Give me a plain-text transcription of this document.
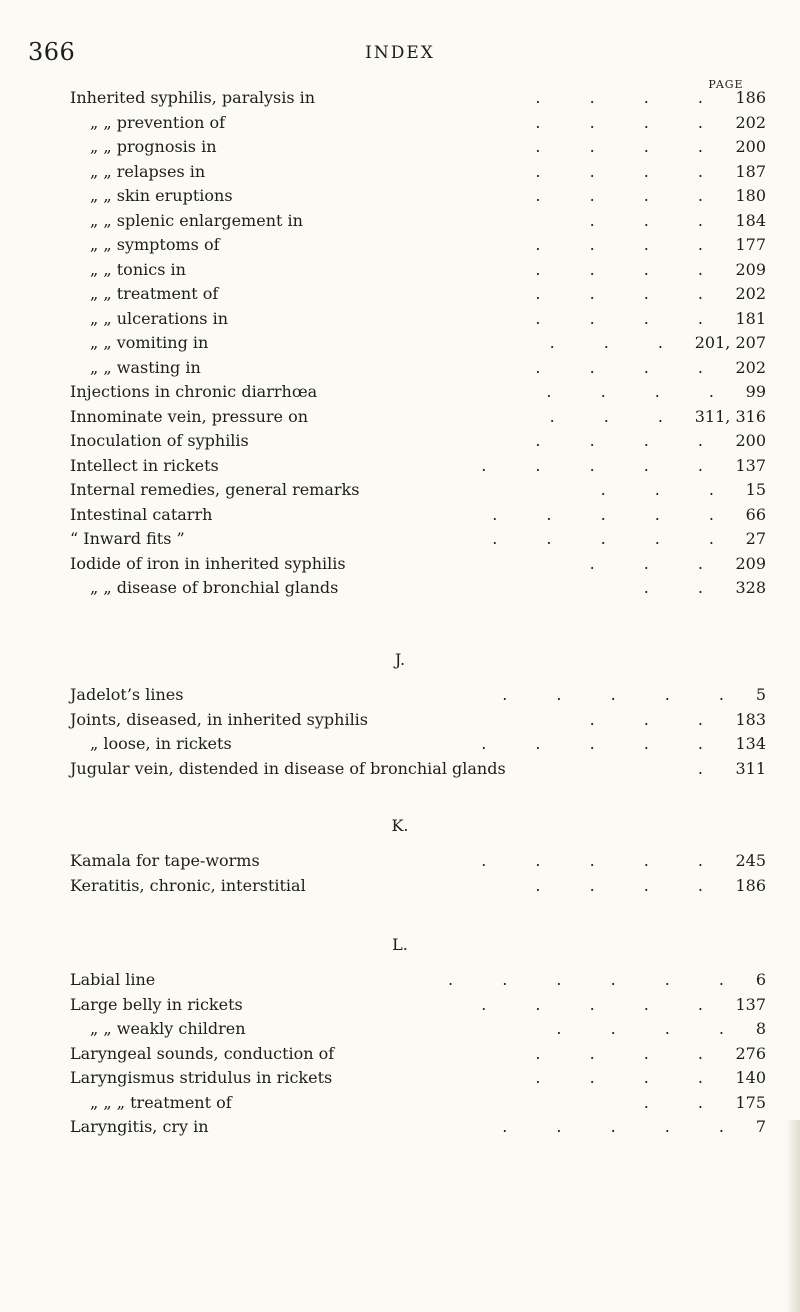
366	INDEX
PAGE
Inherited syphilis, paralysis in	. . . . 186
„ „ prevention of	. . . . 202
„ „ prognosis in	. . . . 200
„ „ relapses in	. . . . 187
„ „ skin eruptions	. . . . 180
„ „ splenic enlargement in	. . . 184
„ „ symptoms of	. . . . 177
„ „ tonics in	. . . . 209
„ „ treatment of	. . . . 202
„ „ ulcerations in	. . . . 181
„ „ vomiting in	. . . 201, 207
„ „ wasting in	. . . . 202
Injections in chronic diarrhœa	. . . . 99
Innominate vein, pressure on	. . . 311, 316
Inoculation of syphilis	. . . . 200
Intellect in rickets	. . . . . 137
Internal remedies, general remarks	. . . 15
Intestinal catarrh	. . . . . 66
“ Inward fits ”	. . . . . 27
Iodide of iron in inherited syphilis	. . . 209
„ „ disease of bronchial glands	. . 328
J.
Jadelot’s lines	. . . . . 5
Joints, diseased, in inherited syphilis	. . . 183
„ loose, in rickets	. . . . . 134
Jugular vein, distended in disease of bronchial glands	. 311
K.
Kamala for tape-worms	. . . . . 245
Keratitis, chronic, interstitial	. . . . 186
L.
Labial line	. . . . . . 6
Large belly in rickets	. . . . . 137
„ „ weakly children	. . . . 8
Laryngeal sounds, conduction of	. . . . 276
Laryngismus stridulus in rickets	. . . . 140
„ „ „ treatment of	. . 175
Laryngitis, cry in	. . . . . 7
